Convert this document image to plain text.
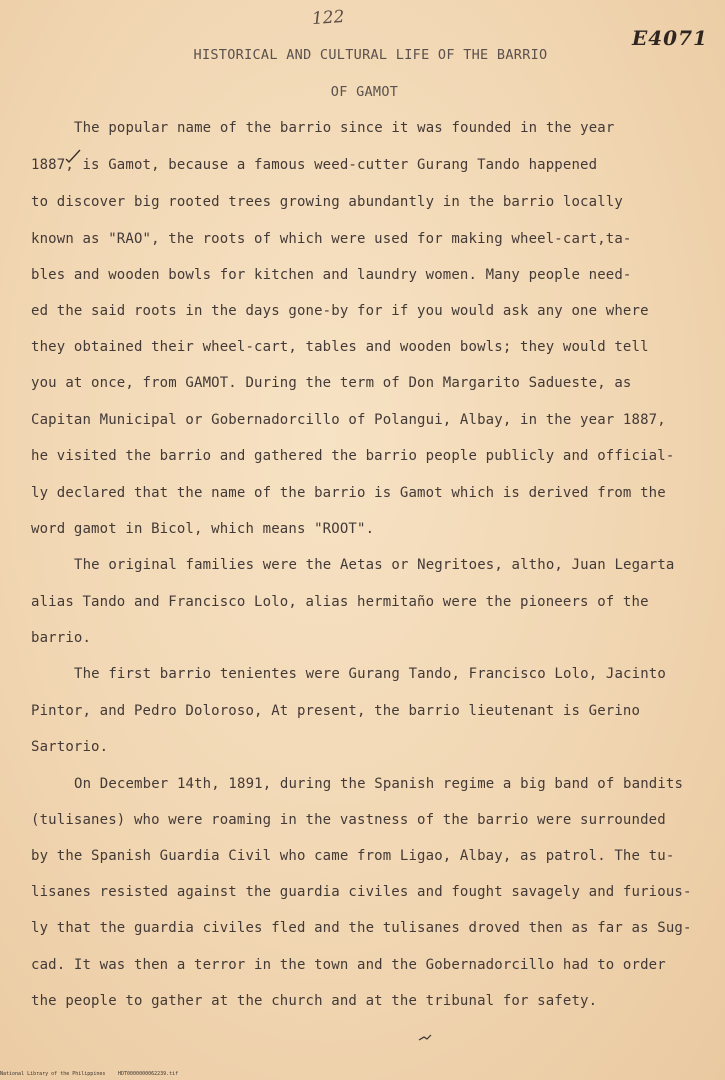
122
E4071
HISTORICAL AND CULTURAL LIFE OF THE BARRIO
OF GAMOT
The popular name of the barrio since it was founded in the year
1887, is Gamot, because a famous weed-cutter Gurang Tando happened
to discover big rooted trees growing abundantly in the barrio locally
known as "RAO", the roots of which were used for making wheel-cart,ta-
bles and wooden bowls for kitchen and laundry women. Many people need-
ed the said roots in the days gone-by for if you would ask any one where
they obtained their wheel-cart, tables and wooden bowls; they would tell
you at once, from GAMOT. During the term of Don Margarito Sadueste, as
Capitan Municipal or Gobernadorcillo of Polangui, Albay, in the year 1887,
he visited the barrio and gathered the barrio people publicly and official-
ly declared that the name of the barrio is Gamot which is derived from the
word gamot in Bicol, which means "ROOT".
The original families were the Aetas or Negritoes, altho, Juan Legarta
alias Tando and Francisco Lolo, alias hermitaño were the pioneers of the
barrio.
The first barrio tenientes were Gurang Tando, Francisco Lolo, Jacinto
Pintor, and Pedro Doloroso, At present, the barrio lieutenant is Gerino
Sartorio.
On December 14th, 1891, during the Spanish regime a big band of bandits
(tulisanes) who were roaming in the vastness of the barrio were surrounded
by the Spanish Guardia Civil who came from Ligao, Albay, as patrol. The tu-
lisanes resisted against the guardia civiles and fought savagely and furious-
ly that the guardia civiles fled and the tulisanes droved then as far as Sug-
cad. It was then a terror in the town and the Gobernadorcillo had to order
the people to gather at the church and at the tribunal for safety.
National Library of the Philippines	HDT0000000062239.tif
